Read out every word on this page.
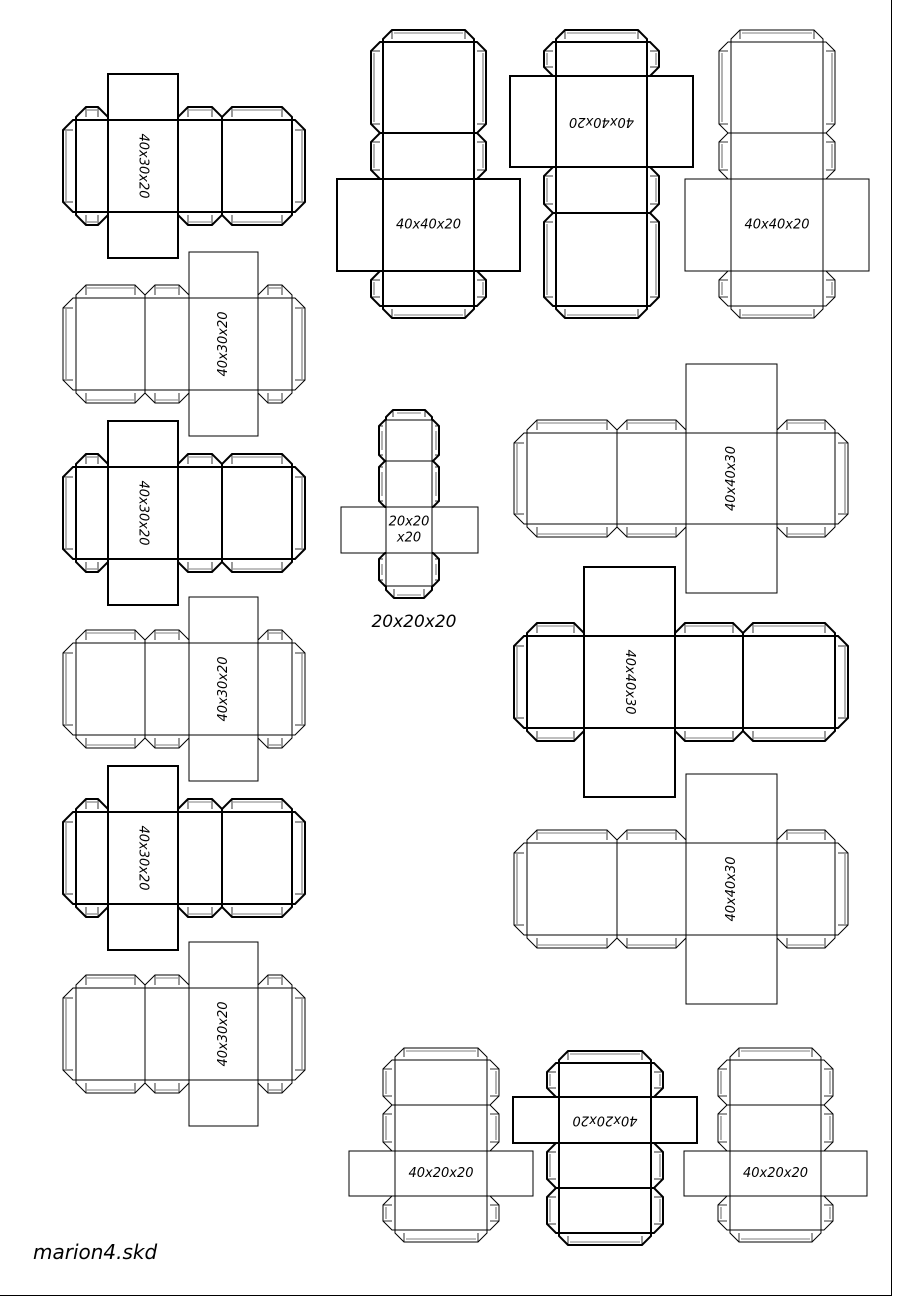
40x30x20
40x30x20
40x30x20
40x30x20
40x30x20
40x30x20
40x40x20
40x40x20
40x40x20
20x20
x20
20x20x20
40x40x30
40x40x30
40x40x30
40x20x20
40x20x20
40x20x20
marion4.skd
